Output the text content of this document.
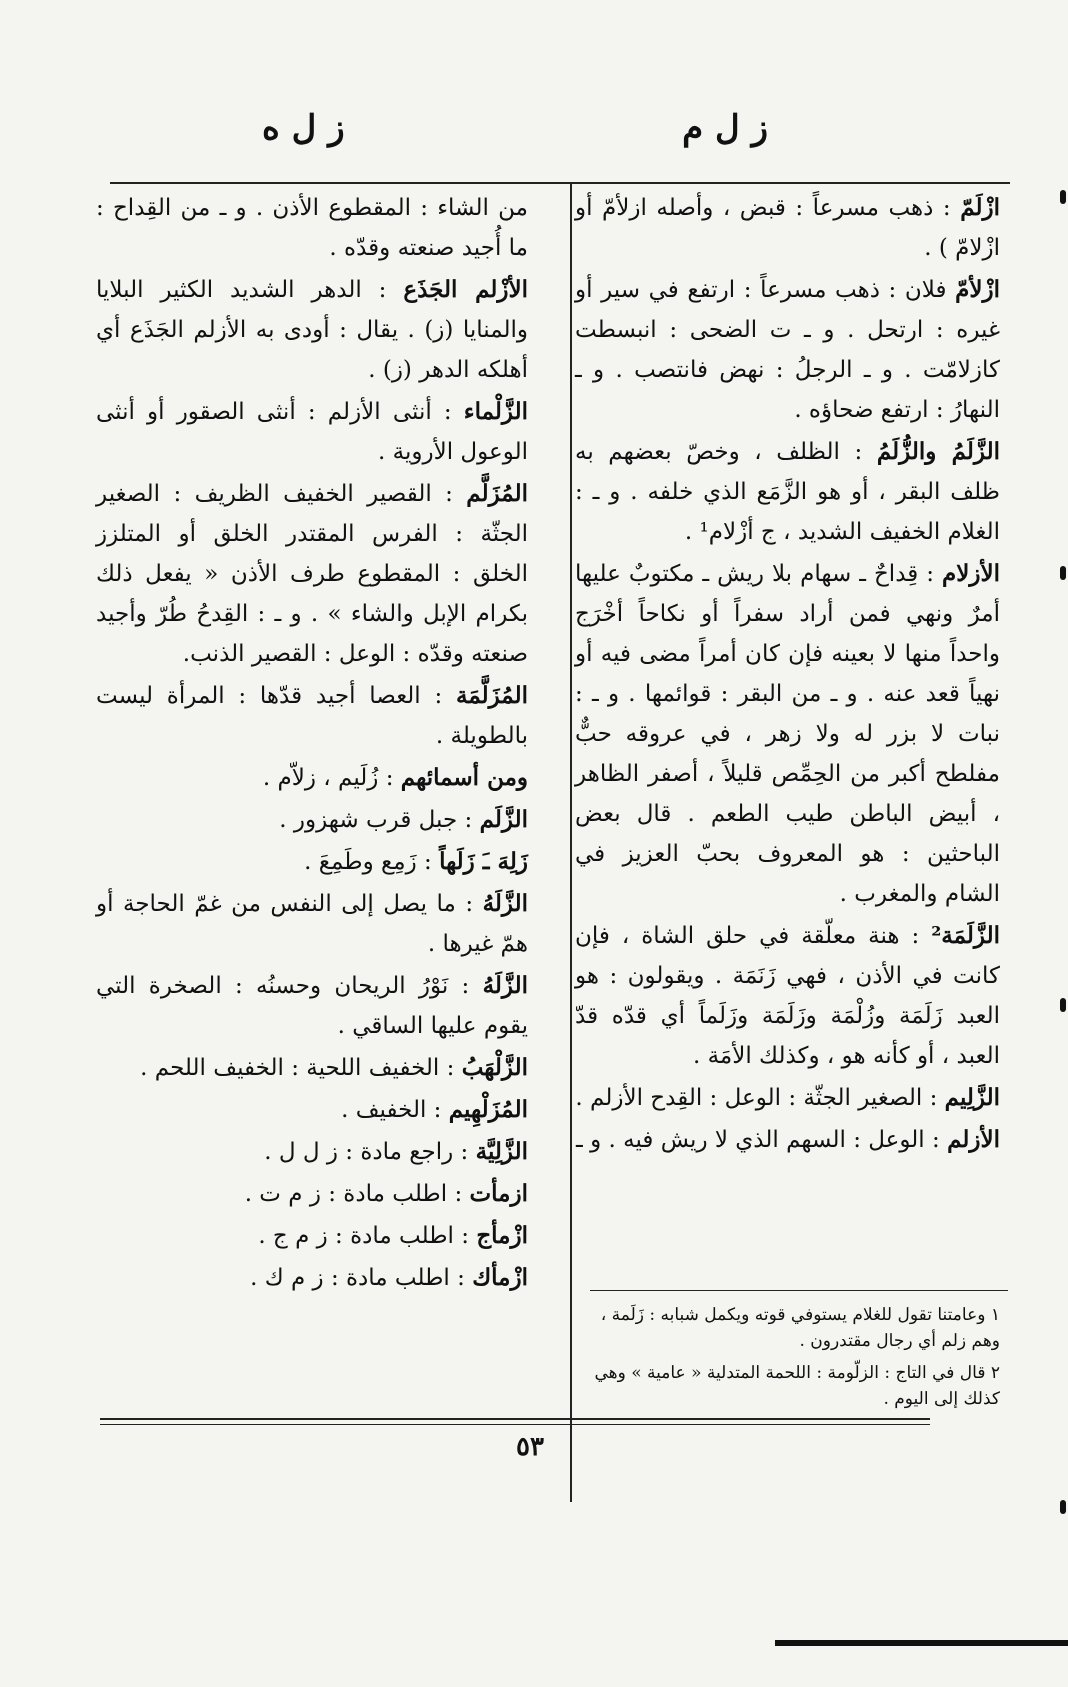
ز ل م
ز ل ه

ازْلَمّ : ذهب مسرعاً : قبض ، وأصله ازلأمّ أو ازْلامّ ) .

ازْلأمّ فلان : ذهب مسرعاً : ارتفع في سير أو غيره : ارتحل . و ـ ت الضحى : انبسطت كازلامّت . و ـ الرجلُ : نهض فانتصب . و ـ النهارُ : ارتفع ضحاؤه .

الزَّلَمُ والزُّلَمُ : الظلف ، وخصّ بعضهم به ظلف البقر ، أو هو الزَّمَع الذي خلفه . و ـ : الغلام الخفيف الشديد ، ج أزْلام¹ .

الأزلام : قِداحٌ ـ سهام بلا ريش ـ مكتوبٌ عليها أمرٌ ونهي فمن أراد سفراً أو نكاحاً أخْرَج واحداً منها لا بعينه فإن كان أمراً مضى فيه أو نهياً قعد عنه . و ـ من البقر : قوائمها . و ـ : نبات لا بزر له ولا زهر ، في عروقه حبٌّ مفلطح أكبر من الحِمِّص قليلاً ، أصفر الظاهر ، أبيض الباطن طيب الطعم . قال بعض الباحثين : هو المعروف بحبّ العزيز في الشام والمغرب .

الزَّلَمَة² : هنة معلّقة في حلق الشاة ، فإن كانت في الأذن ، فهي زَنَمَة . ويقولون : هو العبد زَلَمَة وزُلْمَة وزَلَمَة وزَلَماً أي قدّه قدّ العبد ، أو كأنه هو ، وكذلك الأمَة .

الزَّلِيم : الصغير الجثّة : الوعل : القِدح الأزلم .

الأزلم : الوعل : السهم الذي لا ريش فيه . و ـ

من الشاء : المقطوع الأذن . و ـ من القِداح : ما أُجيد صنعته وقدّه .

الأزْلم الجَذَع : الدهر الشديد الكثير البلايا والمنايا (ز) . يقال : أودى به الأزلم الجَذَع أي أهلكه الدهر (ز) .

الزَّلْماء : أنثى الأزلم : أنثى الصقور أو أنثى الوعول الأروية .

المُزَلَّم : القصير الخفيف الظريف : الصغير الجثّة : الفرس المقتدر الخلق أو المتلزز الخلق : المقطوع طرف الأذن « يفعل ذلك بكرام الإبل والشاء » . و ـ : القِدحُ طُرّ وأجيد صنعته وقدّه : الوعل : القصير الذنب.

المُزَلَّمَة : العصا أجيد قدّها : المرأة ليست بالطويلة .

ومن أسمائهم : زُلَيم ، زلاّم .

الزَّلَم : جبل قرب شهزور .

زَلِهَ ـَ زَلَهاً : زَمِع وطَمِعَ .

الزَّلَهُ : ما يصل إلى النفس من غمّ الحاجة أو همّ غيرها .

الزَّلَهُ : نَوْرُ الريحان وحسنُه : الصخرة التي يقوم عليها الساقي .

الزَّلْهَبُ : الخفيف اللحية : الخفيف اللحم .

المُزَلْهِيم : الخفيف .

الزَّلِيَّة : راجع مادة : ز ل ل .

ازمأت : اطلب مادة : ز م ت .

ازْمأج : اطلب مادة : ز م ج .

ازْمأك : اطلب مادة : ز م ك .

١ وعامتنا تقول للغلام يستوفي قوته ويكمل شبابه : زَلَمة ، وهم زلم أي رجال مقتدرون .

٢ قال في التاج : الزلّومة : اللحمة المتدلية « عامية » وهي كذلك إلى اليوم .

٥٣
